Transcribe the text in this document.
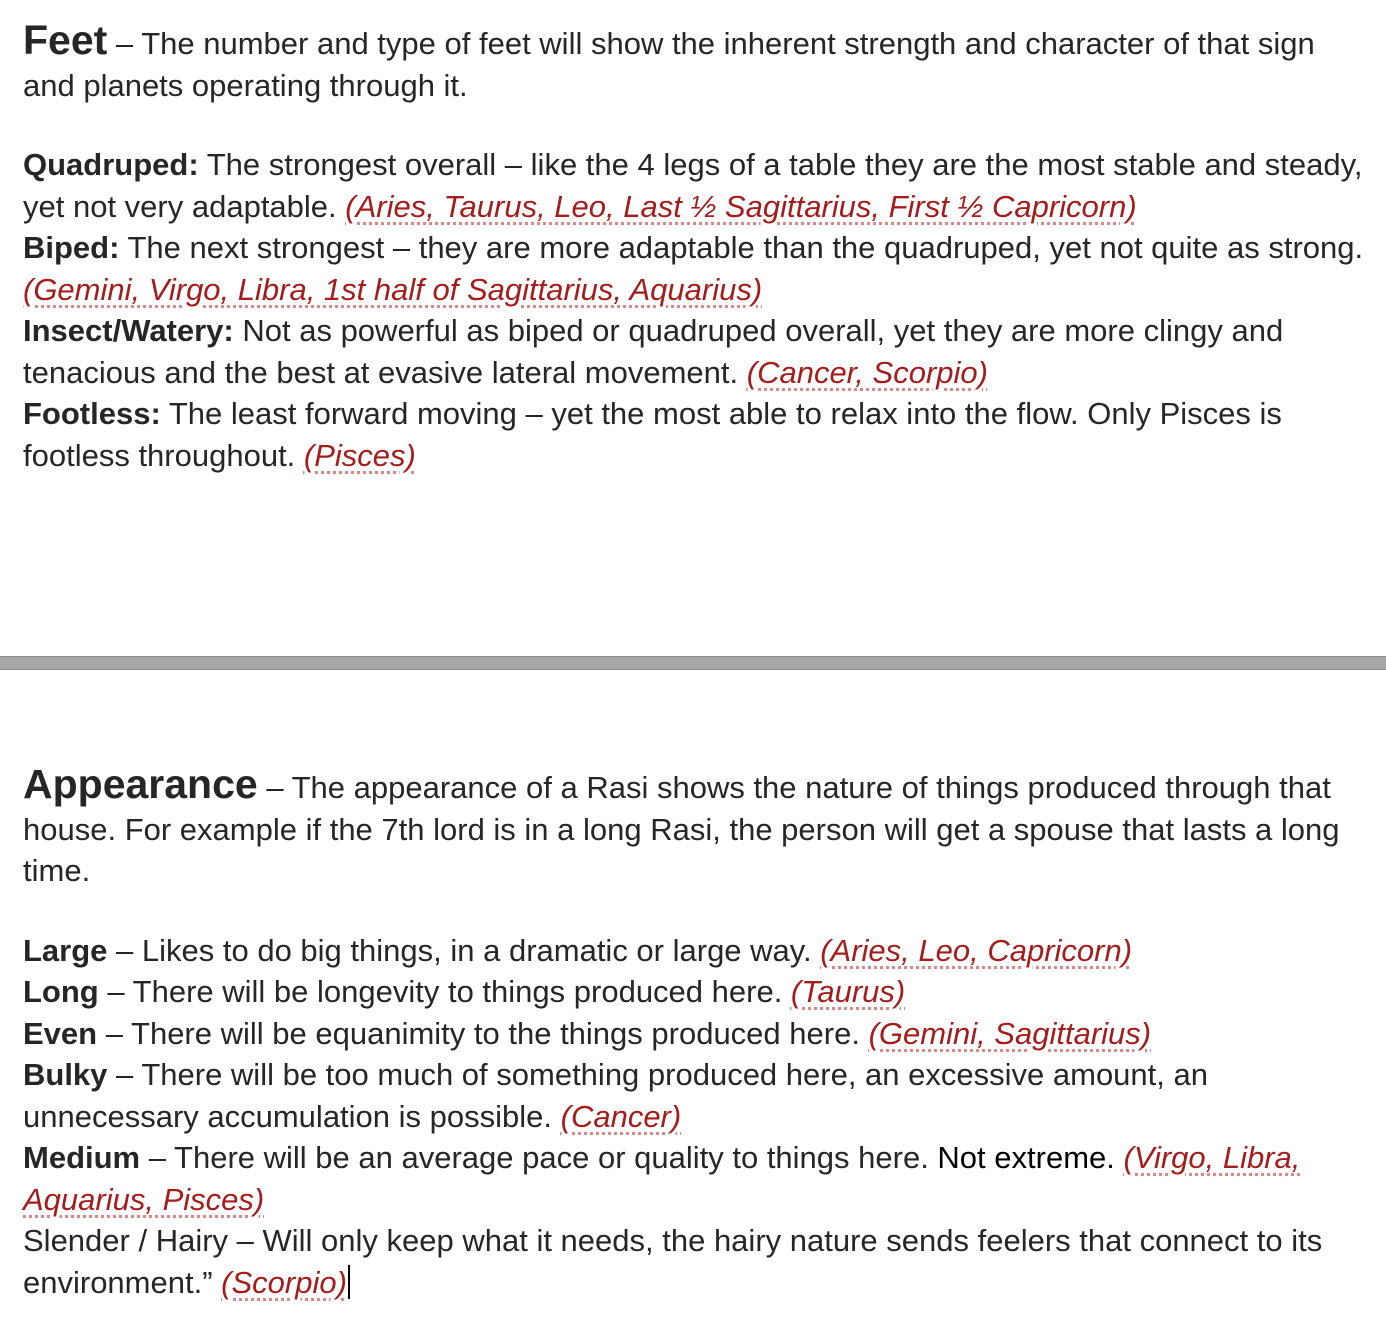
Feet – The number and type of feet will show the inherent strength and character of that sign and planets operating through it.

Quadruped: The strongest overall – like the 4 legs of a table they are the most stable and steady, yet not very adaptable. (Aries, Taurus, Leo, Last ½ Sagittarius, First ½ Capricorn)

Biped: The next strongest – they are more adaptable than the quadruped, yet not quite as strong. (Gemini, Virgo, Libra, 1st half of Sagittarius, Aquarius)

Insect/Watery: Not as powerful as biped or quadruped overall, yet they are more clingy and tenacious and the best at evasive lateral movement. (Cancer, Scorpio)

Footless: The least forward moving – yet the most able to relax into the flow. Only Pisces is footless throughout. (Pisces)

Appearance – The appearance of a Rasi shows the nature of things produced through that house. For example if the 7th lord is in a long Rasi, the person will get a spouse that lasts a long time.

Large – Likes to do big things, in a dramatic or large way. (Aries, Leo, Capricorn)

Long – There will be longevity to things produced here. (Taurus)

Even – There will be equanimity to the things produced here. (Gemini, Sagittarius)

Bulky – There will be too much of something produced here, an excessive amount, an unnecessary accumulation is possible. (Cancer)

Medium – There will be an average pace or quality to things here. Not extreme. (Virgo, Libra, Aquarius, Pisces)

Slender / Hairy – Will only keep what it needs, the hairy nature sends feelers that connect to its environment.” (Scorpio)
